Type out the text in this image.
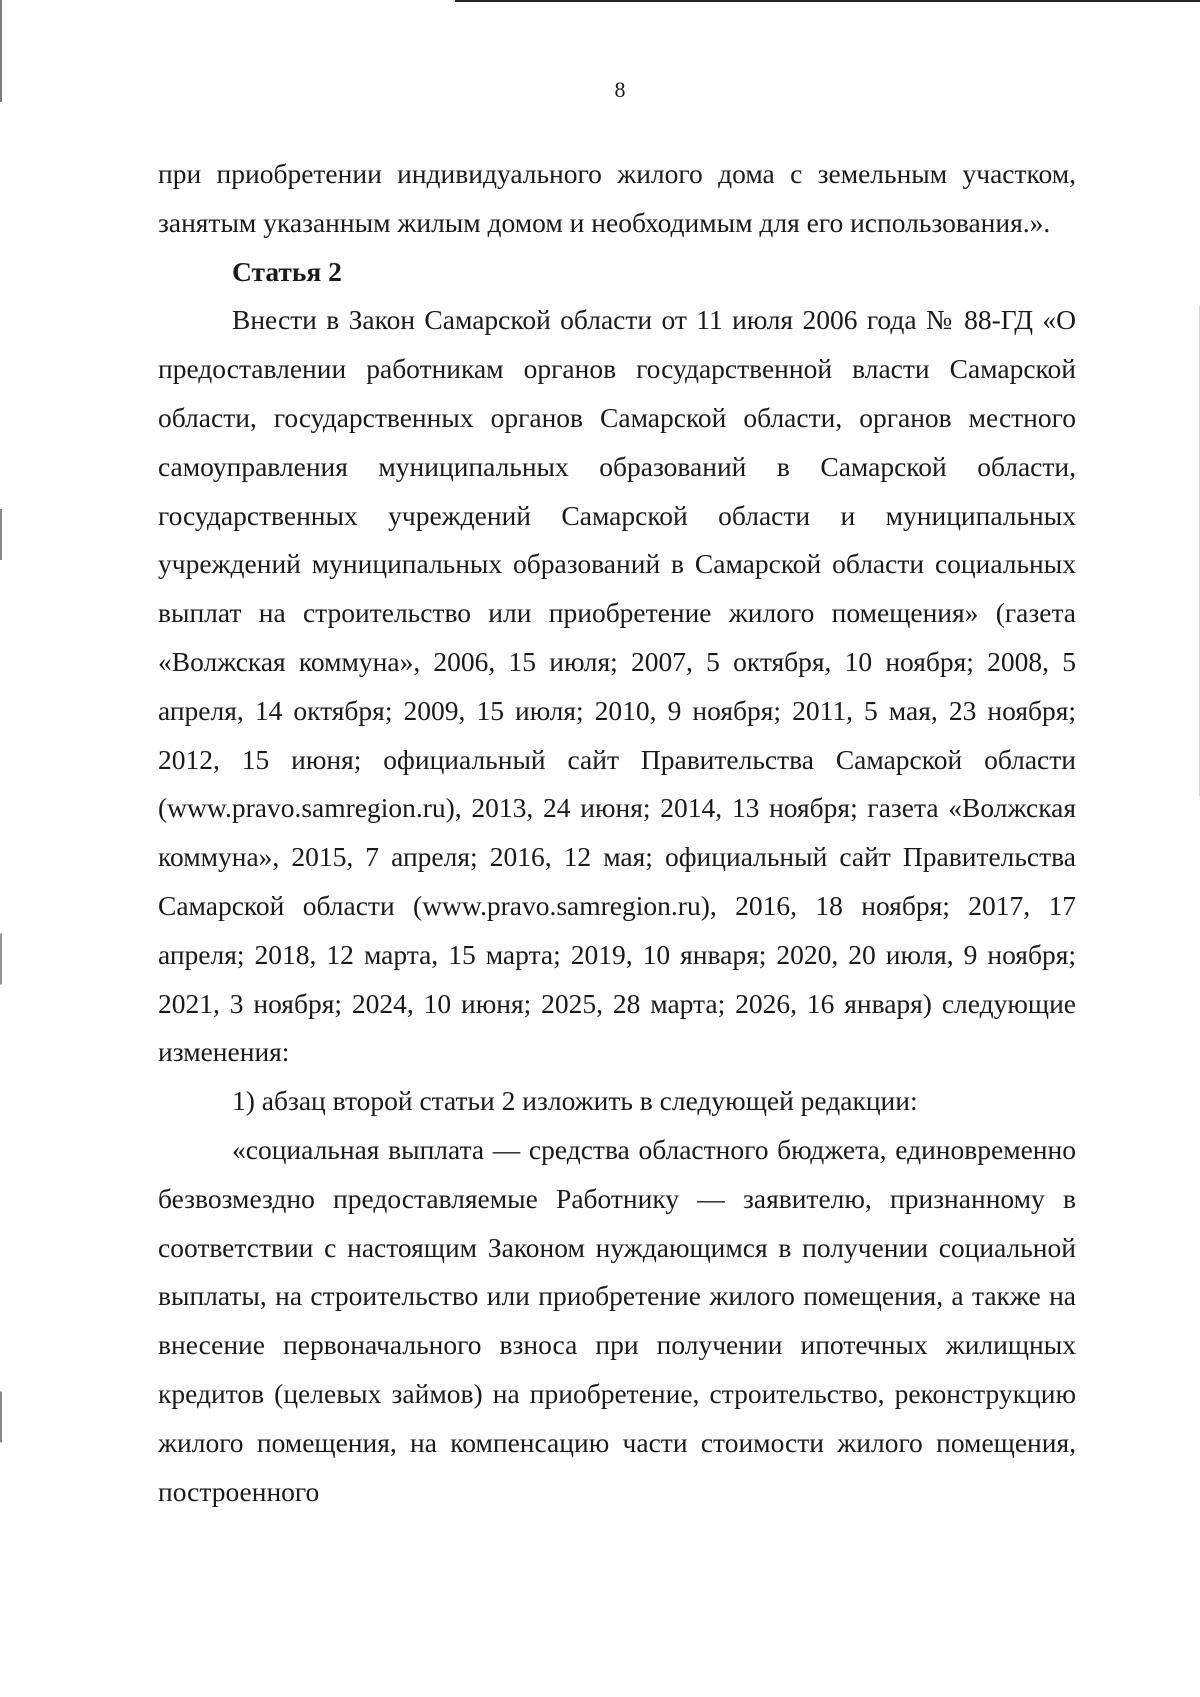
8

при приобретении индивидуального жилого дома с земельным участком, занятым указанным жилым домом и необходимым для его использования.».

Статья 2

Внести в Закон Самарской области от 11 июля 2006 года № 88-ГД «О предоставлении работникам органов государственной власти Самарской области, государственных органов Самарской области, органов местного самоуправления муниципальных образований в Самарской области, государственных учреждений Самарской области и муниципальных учреждений муниципальных образований в Самарской области социальных выплат на строительство или приобретение жилого помещения» (газета «Волжская коммуна», 2006, 15 июля; 2007, 5 октября, 10 ноября; 2008, 5 апреля, 14 октября; 2009, 15 июля; 2010, 9 ноября; 2011, 5 мая, 23 ноября; 2012, 15 июня; официальный сайт Правительства Самарской области (www.pravo.samregion.ru), 2013, 24 июня; 2014, 13 ноября; газета «Волжская коммуна», 2015, 7 апреля; 2016, 12 мая; официальный сайт Правительства Самарской области (www.pravo.samregion.ru), 2016, 18 ноября; 2017, 17 апреля; 2018, 12 марта, 15 марта; 2019, 10 января; 2020, 20 июля, 9 ноября; 2021, 3 ноября; 2024, 10 июня; 2025, 28 марта; 2026, 16 января) следующие изменения:

1) абзац второй статьи 2 изложить в следующей редакции:

«социальная выплата — средства областного бюджета, единовременно безвозмездно предоставляемые Работнику — заявителю, признанному в соответствии с настоящим Законом нуждающимся в получении социальной выплаты, на строительство или приобретение жилого помещения, а также на внесение первоначального взноса при получении ипотечных жилищных кредитов (целевых займов) на приобретение, строительство, реконструкцию жилого помещения, на компенсацию части стоимости жилого помещения, построенного
